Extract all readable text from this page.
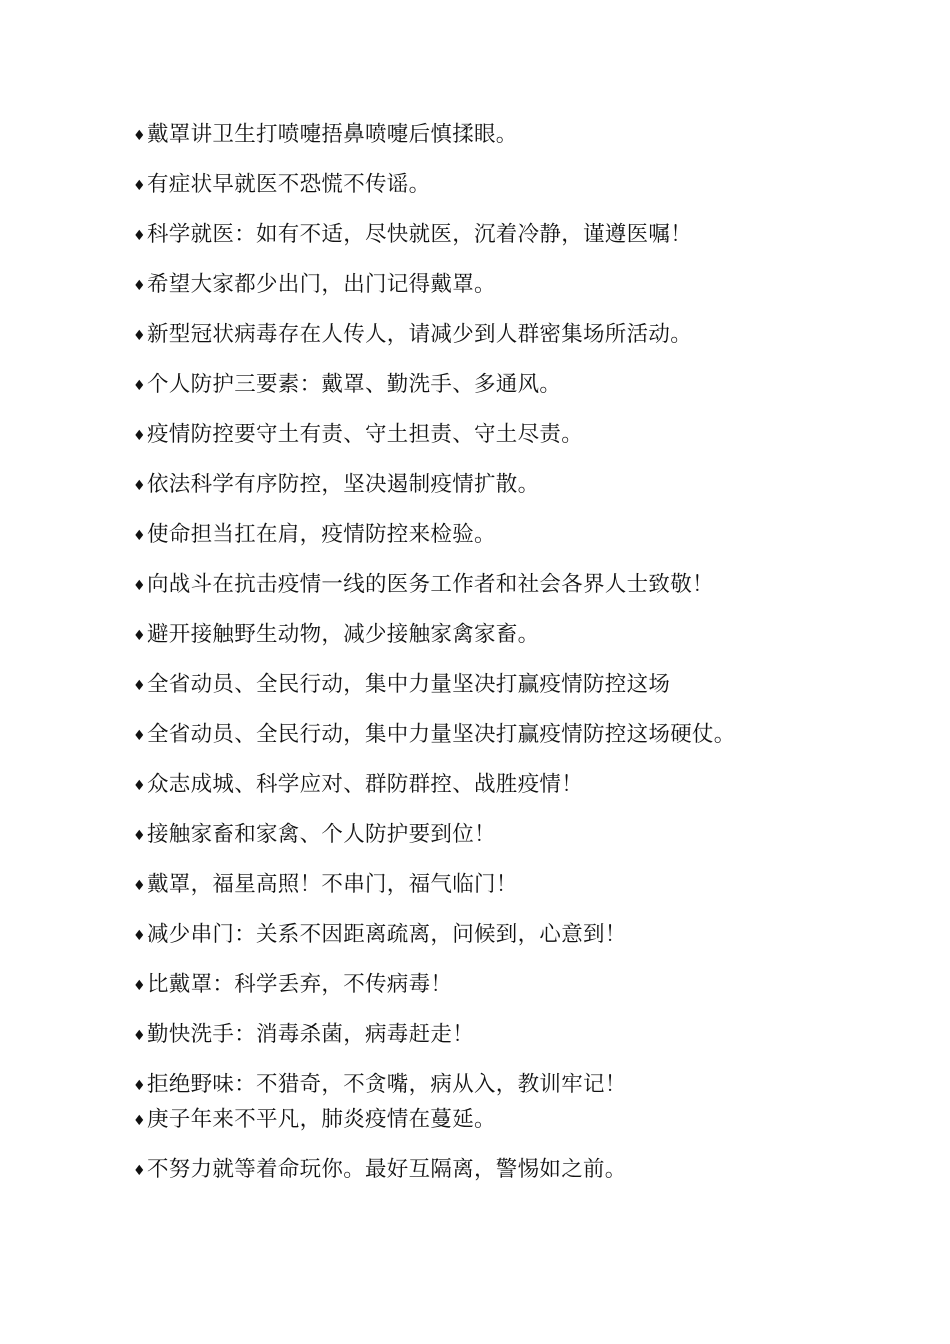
♦戴罩讲卫生打喷嚏捂鼻喷嚏后慎揉眼。
♦有症状早就医不恐慌不传谣。
♦科学就医：如有不适，尽快就医，沉着冷静，谨遵医嘱！
♦希望大家都少出门，出门记得戴罩。
♦新型冠状病毒存在人传人，请减少到人群密集场所活动。
♦个人防护三要素：戴罩、勤洗手、多通风。
♦疫情防控要守土有责、守土担责、守土尽责。
♦依法科学有序防控，坚决遏制疫情扩散。
♦使命担当扛在肩，疫情防控来检验。
♦向战斗在抗击疫情一线的医务工作者和社会各界人士致敬！
♦避开接触野生动物，减少接触家禽家畜。
♦全省动员、全民行动，集中力量坚决打赢疫情防控这场
♦全省动员、全民行动，集中力量坚决打赢疫情防控这场硬仗。
♦众志成城、科学应对、群防群控、战胜疫情！
♦接触家畜和家禽、个人防护要到位！
♦戴罩，福星高照！不串门，福气临门！
♦减少串门：关系不因距离疏离，问候到，心意到！
♦比戴罩：科学丢弃，不传病毒！
♦勤快洗手：消毒杀菌，病毒赶走！
♦拒绝野味：不猎奇，不贪嘴，病从入，教训牢记！
♦庚子年来不平凡，肺炎疫情在蔓延。
♦不努力就等着命玩你。最好互隔离，警惕如之前。
